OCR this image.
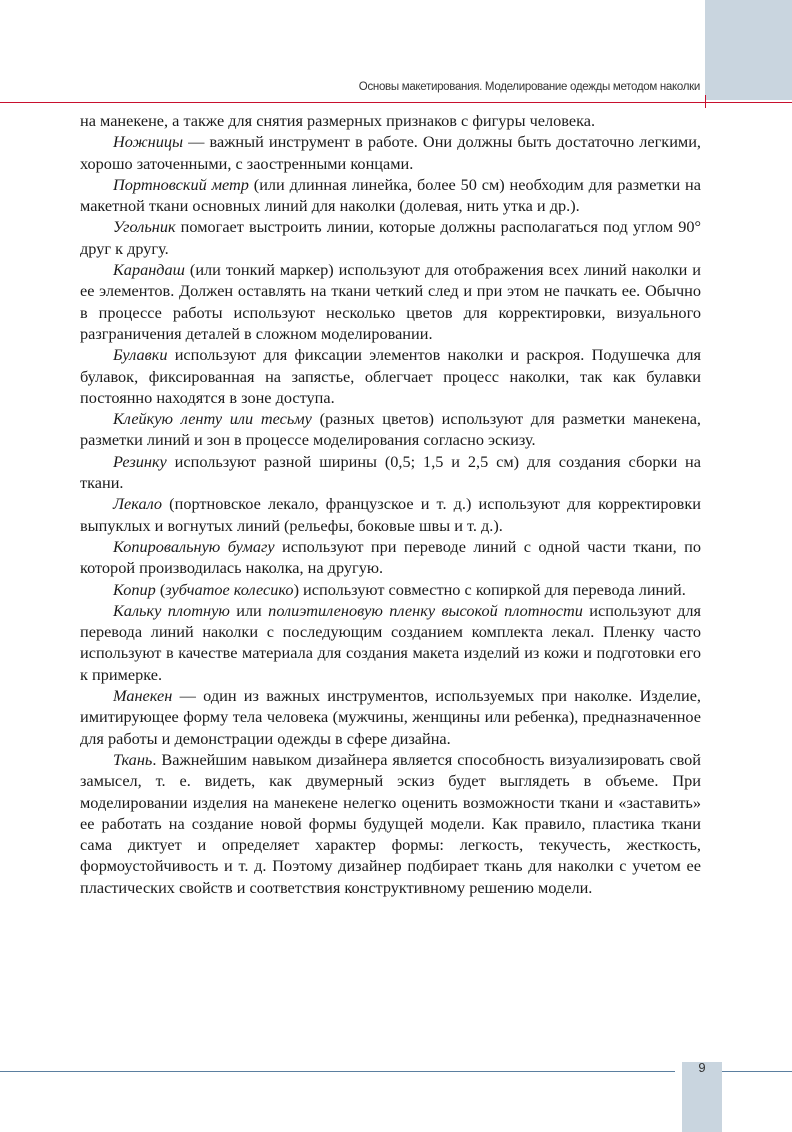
Основы макетирования. Моделирование одежды методом наколки

на манекене, а также для снятия размерных признаков с фигуры человека.

Ножницы — важный инструмент в работе. Они должны быть достаточно легкими, хорошо заточенными, с заостренными концами.

Портновский метр (или длинная линейка, более 50 см) необходим для разметки на макетной ткани основных линий для наколки (долевая, нить утка и др.).

Угольник помогает выстроить линии, которые должны располагаться под углом 90° друг к другу.

Карандаш (или тонкий маркер) используют для отображения всех линий наколки и ее элементов. Должен оставлять на ткани четкий след и при этом не пачкать ее. Обычно в процессе работы используют несколько цветов для корректировки, визуального разграничения деталей в сложном моделировании.

Булавки используют для фиксации элементов наколки и раскроя. Подушечка для булавок, фиксированная на запястье, облегчает процесс наколки, так как булавки постоянно находятся в зоне доступа.

Клейкую ленту или тесьму (разных цветов) используют для разметки манекена, разметки линий и зон в процессе моделирования согласно эскизу.

Резинку используют разной ширины (0,5; 1,5 и 2,5 см) для создания сборки на ткани.

Лекало (портновское лекало, французское и т. д.) используют для корректировки выпуклых и вогнутых линий (рельефы, боковые швы и т. д.).

Копировальную бумагу используют при переводе линий с одной части ткани, по которой производилась наколка, на другую.

Копир (зубчатое колесико) используют совместно с копиркой для перевода линий.

Кальку плотную или полиэтиленовую пленку высокой плотности используют для перевода линий наколки с последующим созданием комплекта лекал. Пленку часто используют в качестве материала для создания макета изделий из кожи и подготовки его к примерке.

Манекен — один из важных инструментов, используемых при наколке. Изделие, имитирующее форму тела человека (мужчины, женщины или ребенка), предназначенное для работы и демонстрации одежды в сфере дизайна.

Ткань. Важнейшим навыком дизайнера является способность визуализировать свой замысел, т. е. видеть, как двумерный эскиз будет выглядеть в объеме. При моделировании изделия на манекене нелегко оценить возможности ткани и «заставить» ее работать на создание новой формы будущей модели. Как правило, пластика ткани сама диктует и определяет характер формы: легкость, текучесть, жесткость, формоустойчивость и т. д. Поэтому дизайнер подбирает ткань для наколки с учетом ее пластических свойств и соответствия конструктивному решению модели.

9
